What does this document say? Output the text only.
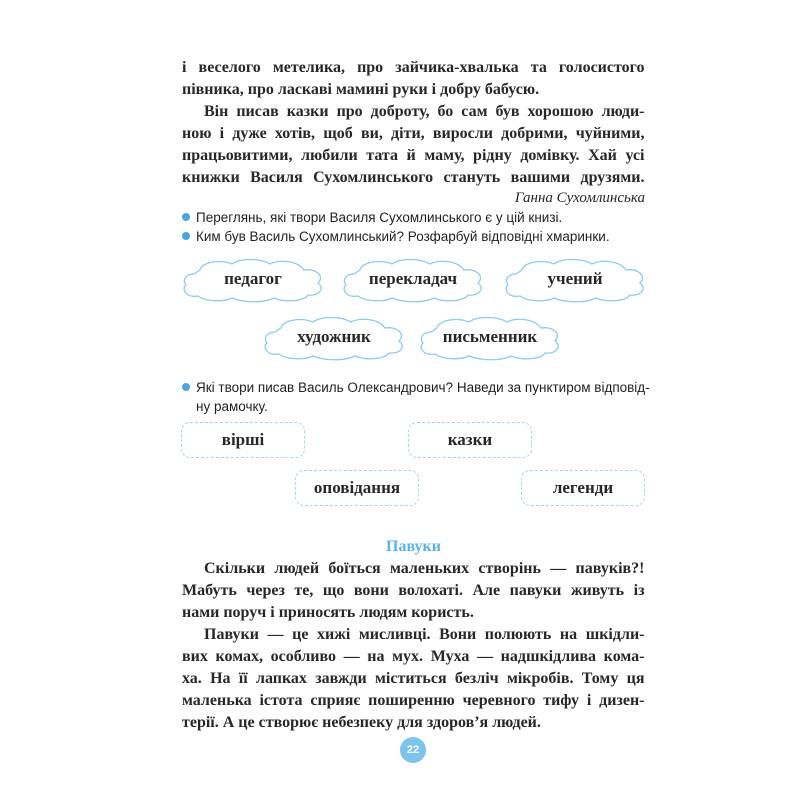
і веселого метелика, про зайчика-хвалька та голосистого
півника, про ласкаві мамині руки і добру бабусю.
Він писав казки про доброту, бо сам був хорошою люди-
ною і дуже хотів, щоб ви, діти, виросли добрими, чуйними,
працьовитими, любили тата й маму, рідну домівку. Хай усі
книжки Василя Сухомлинського стануть вашими друзями.
Ганна Сухомлинська
Переглянь, які твори Василя Сухомлинського є у цій книзі.
Ким був Василь Сухомлинський? Розфарбуй відповідні хмаринки.
педагог	перекладач	учений
художник	письменник
Які твори писав Василь Олександрович? Наведи за пунктиром відповід-
ну рамочку.
вірші	казки
оповідання	легенди
Павуки
Скільки людей боїться маленьких створінь — павуків?!
Мабуть через те, що вони волохаті. Але павуки живуть із
нами поруч і приносять людям користь.
Павуки — це хижі мисливці. Вони полюють на шкідли-
вих комах, особливо — на мух. Муха — надшкідлива кома-
ха. На її лапках завжди міститься безліч мікробів. Тому ця
маленька істота сприяє поширенню черевного тифу і дизен-
терії. А це створює небезпеку для здоров’я людей.
22
